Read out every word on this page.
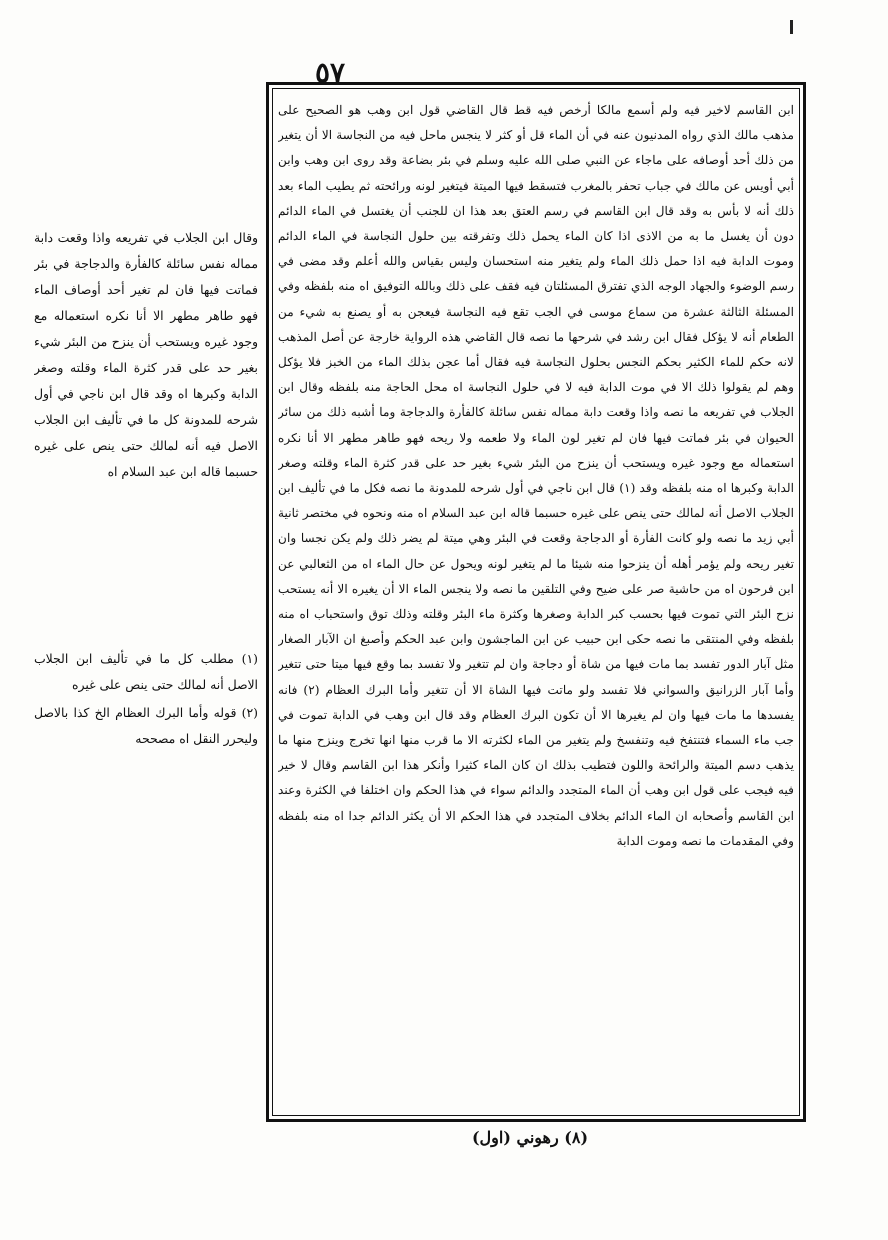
٥٧

ابن القاسم لاخير فيه ولم أسمع مالكا أرخص فيه قط قال القاضي قول ابن وهب هو الصحيح على مذهب مالك الذي رواه المدنيون عنه في أن الماء قل أو كثر لا ينجس ماحل فيه من النجاسة الا أن يتغير من ذلك أحد أوصافه على ماجاء عن النبي صلى الله عليه وسلم في بئر بضاعة وقد روى ابن وهب وابن أبي أويس عن مالك في جباب تحفر بالمغرب فتسقط فيها الميتة فيتغير لونه ورائحته ثم يطيب الماء بعد ذلك أنه لا بأس به وقد قال ابن القاسم في رسم العتق بعد هذا ان للجنب أن يغتسل في الماء الدائم دون أن يغسل ما به من الاذى اذا كان الماء يحمل ذلك وتفرقته بين حلول النجاسة في الماء الدائم وموت الدابة فيه اذا حمل ذلك الماء ولم يتغير منه استحسان وليس بقياس والله أعلم وقد مضى في رسم الوضوء والجهاد الوجه الذي تفترق المسئلتان فيه فقف على ذلك وبالله التوفيق اه منه بلفظه وفي المسئلة الثالثة عشرة من سماع موسى في الجب تقع فيه النجاسة فيعجن به أو يصنع به شيء من الطعام أنه لا يؤكل فقال ابن رشد في شرحها ما نصه قال القاضي هذه الرواية خارجة عن أصل المذهب لانه حكم للماء الكثير بحكم النجس بحلول النجاسة فيه فقال أما عجن بذلك الماء من الخبز فلا يؤكل وهم لم يقولوا ذلك الا في موت الدابة فيه لا في حلول النجاسة اه محل الحاجة منه بلفظه وقال ابن الجلاب في تفريعه ما نصه واذا وقعت دابة مماله نفس سائلة كالفأرة والدجاجة وما أشبه ذلك من سائر الحيوان في بئر فماتت فيها فان لم تغير لون الماء ولا طعمه ولا ريحه فهو طاهر مطهر الا أنا نكره استعماله مع وجود غيره ويستحب أن ينزح من البئر شيء بغير حد على قدر كثرة الماء وقلته وصغر الدابة وكبرها اه منه بلفظه وقد (١) قال ابن ناجي في أول شرحه للمدونة ما نصه فكل ما في تأليف ابن الجلاب الاصل أنه لمالك حتى ينص على غيره حسبما قاله ابن عبد السلام اه منه ونحوه في مختصر ثانية أبي زيد ما نصه ولو كانت الفأرة أو الدجاجة وقعت في البئر وهي ميتة لم يضر ذلك ولم يكن نجسا وان تغير ريحه ولم يؤمر أهله أن ينزحوا منه شيئا ما لم يتغير لونه ويحول عن حال الماء اه من الثعالبي عن ابن فرحون اه من حاشية صر على ضيح وفي التلقين ما نصه ولا ينجس الماء الا أن يغيره الا أنه يستحب نزح البئر التي تموت فيها بحسب كبر الدابة وصغرها وكثرة ماء البئر وقلته وذلك توق واستحباب اه منه بلفظه وفي المنتقى ما نصه حكى ابن حبيب عن ابن الماجشون وابن عبد الحكم وأصبغ ان الآبار الصغار مثل آبار الدور تفسد بما مات فيها من شاة أو دجاجة وان لم تتغير ولا تفسد بما وقع فيها ميتا حتى تتغير وأما آبار الزرانيق والسواني فلا تفسد ولو ماتت فيها الشاة الا أن تتغير وأما البرك العظام (٢) فانه يفسدها ما مات فيها وان لم يغيرها الا أن تكون البرك العظام وقد قال ابن وهب في الدابة تموت في جب ماء السماء فتنتفخ فيه وتنفسخ ولم يتغير من الماء لكثرته الا ما قرب منها انها تخرج وينزح منها ما يذهب دسم الميتة والرائحة واللون فتطيب بذلك ان كان الماء كثيرا وأنكر هذا ابن القاسم وقال لا خير فيه فيجب على قول ابن وهب أن الماء المتجدد والدائم سواء في هذا الحكم وان اختلفا في الكثرة وعند ابن القاسم وأصحابه ان الماء الدائم بخلاف المتجدد في هذا الحكم الا أن يكثر الدائم جدا اه منه بلفظه وفي المقدمات ما نصه وموت الدابة

وقال ابن الجلاب في تفريعه واذا وقعت دابة مماله نفس سائلة كالفأرة والدجاجة في بئر فماتت فيها فان لم تغير أحد أوصاف الماء فهو طاهر مطهر الا أنا نكره استعماله مع وجود غيره ويستحب أن ينزح من البئر شيء بغير حد على قدر كثرة الماء وقلته وصغر الدابة وكبرها اه وقد قال ابن ناجي في أول شرحه للمدونة كل ما في تأليف ابن الجلاب الاصل فيه أنه لمالك حتى ينص على غيره حسبما قاله ابن عبد السلام اه

(١) مطلب كل ما في تأليف ابن الجلاب الاصل أنه لمالك حتى ينص على غيره

(٢) قوله وأما البرك العظام الخ كذا بالاصل وليحرر النقل اه مصححه

(٨) رهوني (اول)
